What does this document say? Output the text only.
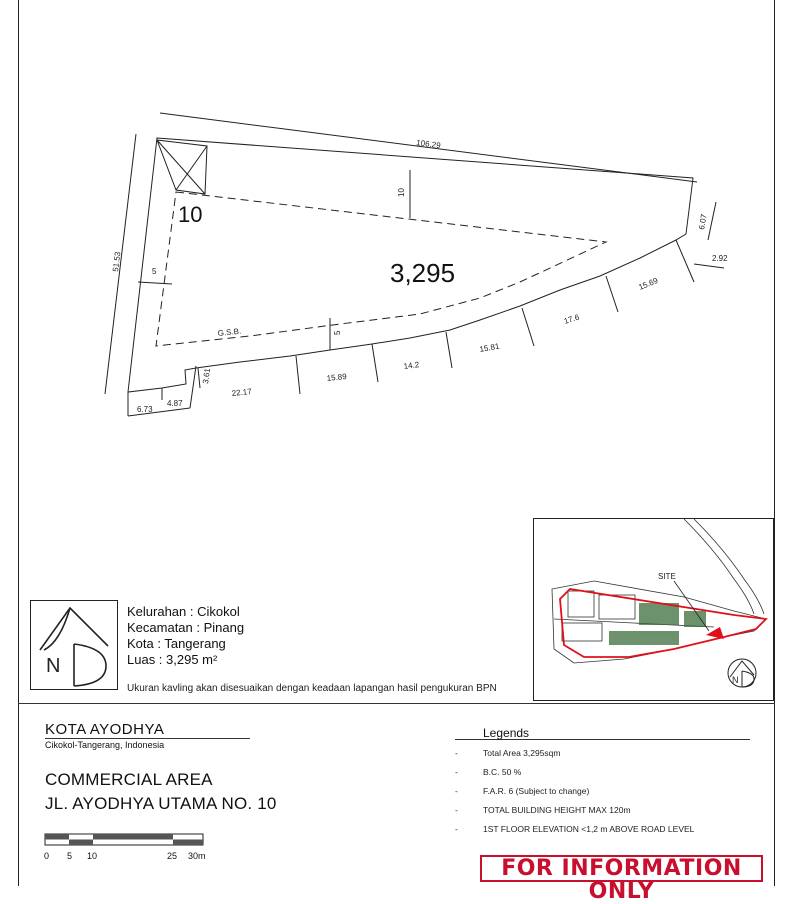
106.29
51.53
6.07
2.92
15.69
17.6
15.81
14.2
15.89
22.17
4.87
6.73
3.61
10
5
5
G.S.B.
3,295
10
N
Kelurahan : Cikokol
Kecamatan : Pinang
Kota : Tangerang
Luas : 3,295 m²
Ukuran kavling akan disesuaikan dengan keadaan lapangan hasil pengukuran BPN
SITE
N
KOTA AYODHYA
Cikokol-Tangerang, Indonesia
COMMERCIAL AREA
JL. AYODHYA UTAMA NO. 10
Legends
-	Total Area 3,295sqm
-	B.C. 50 %
-	F.A.R. 6 (Subject to change)
-	TOTAL BUILDING HEIGHT MAX 120m
-	1ST FLOOR ELEVATION <1,2 m ABOVE ROAD LEVEL
0 5 10	25 30m	FOR INFORMATION ONLY
